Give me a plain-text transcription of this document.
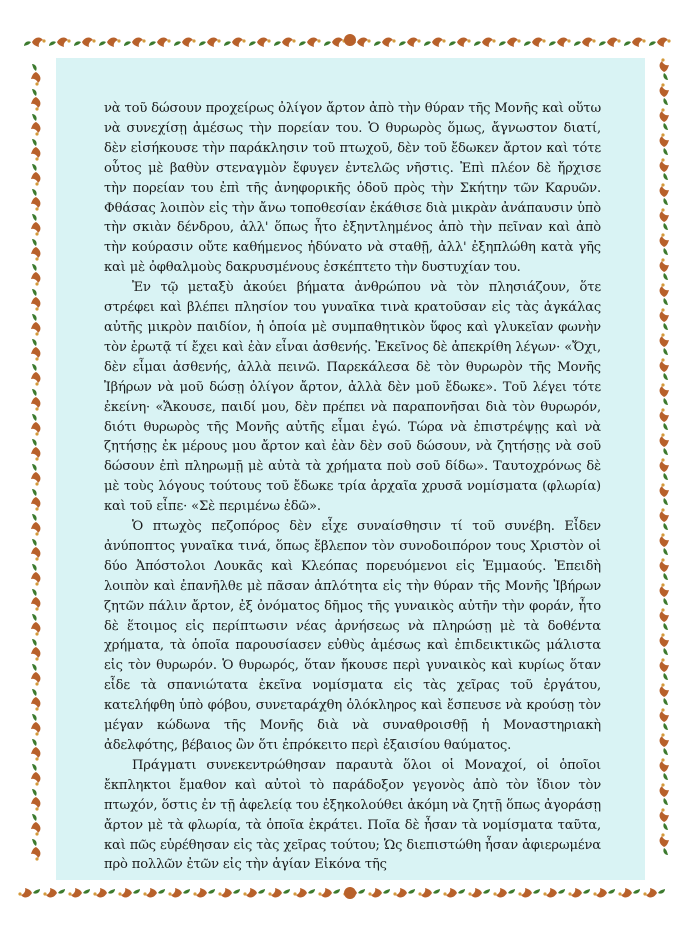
νὰ τοῦ δώσουν προχείρως ὀλίγον ἄρτον ἀπὸ τὴν θύραν τῆς Μονῆς καὶ οὕτω νὰ συνεχίσῃ ἀμέσως τὴν πορείαν του. Ὁ θυρωρὸς ὅμως, ἄγνωστον διατί, δὲν εἰσήκουσε τὴν παράκλησιν τοῦ πτωχοῦ, δὲν τοῦ ἔδωκεν ἄρτον καὶ τότε οὗτος μὲ βαθὺν στεναγμὸν ἔφυγεν ἐντελῶς νῆστις. Ἐπὶ πλέον δὲ ἤρχισε τὴν πορείαν του ἐπὶ τῆς ἀνηφορικῆς ὁδοῦ πρὸς τὴν Σκήτην τῶν Καρυῶν. Φθάσας λοιπὸν εἰς τὴν ἄνω τοποθεσίαν ἐκάθισε διὰ μικρὰν ἀνάπαυσιν ὑπὸ τὴν σκιὰν δένδρου, ἀλλ' ὅπως ἦτο ἐξηντλημένος ἀπὸ τὴν πεῖναν καὶ ἀπὸ τὴν κούρασιν οὔτε καθήμενος ἠδύνατο νὰ σταθῇ, ἀλλ' ἐξηπλώθη κατὰ γῆς καὶ μὲ ὀφθαλμοὺς δακρυσμένους ἐσκέπτετο τὴν δυστυχίαν του.

Ἐν τῷ μεταξὺ ἀκούει βήματα ἀνθρώπου νὰ τὸν πλησιάζουν, ὅτε στρέφει καὶ βλέπει πλησίον του γυναῖκα τινὰ κρατοῦσαν εἰς τὰς ἀγκάλας αὐτῆς μικρὸν παιδίον, ἡ ὁποία μὲ συμπαθητικὸν ὕφος καὶ γλυκεῖαν φωνὴν τὸν ἐρωτᾷ τί ἔχει καὶ ἐὰν εἶναι ἀσθενής. Ἐκεῖνος δὲ ἀπεκρίθη λέγων· «Ὄχι, δὲν εἶμαι ἀσθενής, ἀλλὰ πεινῶ. Παρεκάλεσα δὲ τὸν θυρωρὸν τῆς Μονῆς Ἰβήρων νὰ μοῦ δώσῃ ὀλίγον ἄρτον, ἀλλὰ δὲν μοῦ ἔδωκε». Τοῦ λέγει τότε ἐκείνη· «Ἄκουσε, παιδί μου, δὲν πρέπει νὰ παραπονῆσαι διὰ τὸν θυρωρόν, διότι θυρωρὸς τῆς Μονῆς αὐτῆς εἶμαι ἐγώ. Τώρα νὰ ἐπιστρέψῃς καὶ νὰ ζητήσῃς ἐκ μέρους μου ἄρτον καὶ ἐὰν δὲν σοῦ δώσουν, νὰ ζητήσῃς νὰ σοῦ δώσουν ἐπὶ πληρωμῇ μὲ αὐτὰ τὰ χρήματα ποὺ σοῦ δίδω». Ταυτοχρόνως δὲ μὲ τοὺς λόγους τούτους τοῦ ἔδωκε τρία ἀρχαῖα χρυσᾶ νομίσματα (φλωρία) καὶ τοῦ εἶπε· «Σὲ περιμένω ἐδῶ».

Ὁ πτωχὸς πεζοπόρος δὲν εἶχε συναίσθησιν τί τοῦ συνέβη. Εἶδεν ἀνύποπτος γυναῖκα τινά, ὅπως ἔβλεπον τὸν συνοδοιπόρον τους Χριστὸν οἱ δύο Ἀπόστολοι Λουκᾶς καὶ Κλεόπας πορευόμενοι εἰς Ἐμμαούς. Ἐπειδὴ λοιπὸν καὶ ἐπανῆλθε μὲ πᾶσαν ἁπλότητα εἰς τὴν θύραν τῆς Μονῆς Ἰβήρων ζητῶν πάλιν ἄρτον, ἐξ ὀνόματος δῆμος τῆς γυναικὸς αὐτῆν τὴν φοράν, ἦτο δὲ ἕτοιμος εἰς περίπτωσιν νέας ἀρνήσεως νὰ πληρώσῃ μὲ τὰ δοθέντα χρήματα, τὰ ὁποῖα παρουσίασεν εὐθὺς ἀμέσως καὶ ἐπιδεικτικῶς μάλιστα εἰς τὸν θυρωρόν. Ὁ θυρωρός, ὅταν ἤκουσε περὶ γυναικὸς καὶ κυρίως ὅταν εἶδε τὰ σπανιώτατα ἐκεῖνα νομίσματα εἰς τὰς χεῖρας τοῦ ἐργάτου, κατελήφθη ὑπὸ φόβου, συνεταράχθη ὁλόκληρος καὶ ἔσπευσε νὰ κρούσῃ τὸν μέγαν κώδωνα τῆς Μονῆς διὰ νὰ συναθροισθῇ ἡ Μοναστηριακὴ ἀδελφότης, βέβαιος ὢν ὅτι ἐπρόκειτο περὶ ἐξαισίου θαύματος.

Πράγματι συνεκεντρώθησαν παραυτὰ ὅλοι οἱ Μοναχοί, οἱ ὁποῖοι ἔκπληκτοι ἔμαθον καὶ αὐτοὶ τὸ παράδοξον γεγονὸς ἀπὸ τὸν ἴδιον τὸν πτωχόν, ὅστις ἐν τῇ ἀφελείᾳ του ἐξηκολούθει ἀκόμη νὰ ζητῇ ὅπως ἀγοράσῃ ἄρτον μὲ τὰ φλωρία, τὰ ὁποῖα ἐκράτει. Ποῖα δὲ ἦσαν τὰ νομίσματα ταῦτα, καὶ πῶς εὑρέθησαν εἰς τὰς χεῖρας τούτου; Ὡς διεπιστώθη ἦσαν ἀφιερωμένα πρὸ πολλῶν ἐτῶν εἰς τὴν ἁγίαν Εἰκόνα τῆς
